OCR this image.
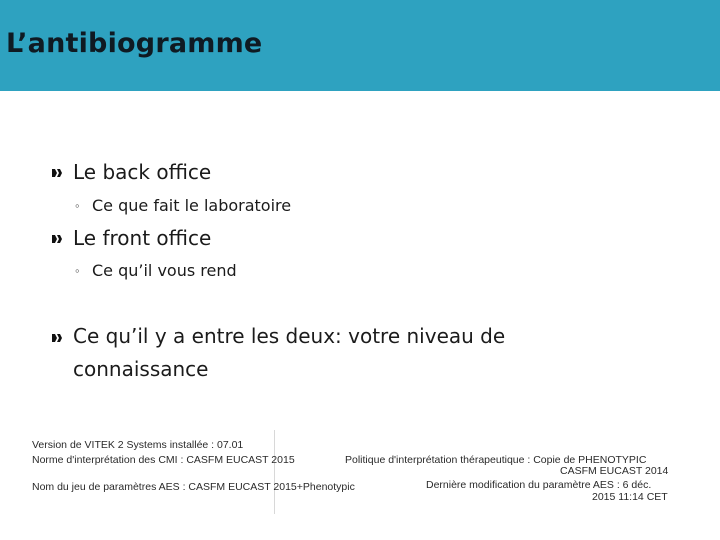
L’antibiogramme
Le back office
◦ Ce que fait le laboratoire
Le front office
◦ Ce qu’il vous rend
Ce qu’il y a entre les deux: votre niveau de
connaissance
Version de VITEK 2 Systems installée : 07.01
Norme d'interprétation des CMI : CASFM EUCAST 2015
Nom du jeu de paramètres AES : CASFM EUCAST 2015+Phenotypic
Politique d'interprétation thérapeutique : Copie de PHENOTYPIC
CASFM EUCAST 2014
Dernière modification du paramètre AES : 6 déc.
2015 11:14 CET
